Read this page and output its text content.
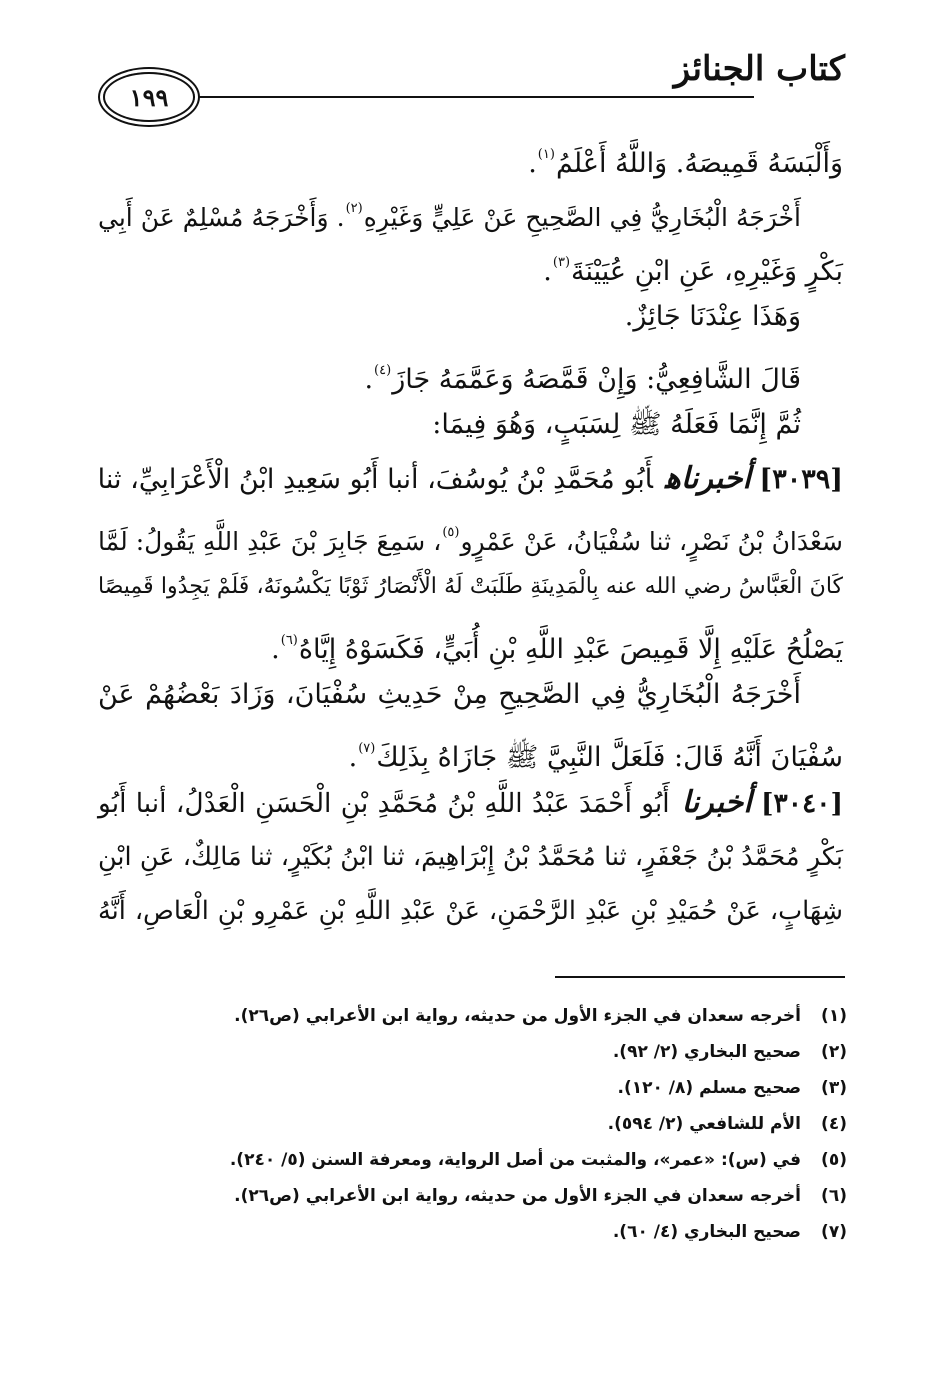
كتاب الجنائز
١٩٩
وَأَلْبَسَهُ قَمِيصَهُ. وَاللَّهُ أَعْلَمُ$^{(١)}$.
أَخْرَجَهُ الْبُخَارِيُّ فِي الصَّحِيحِ عَنْ عَلِيٍّ وَغَيْرِهِ$^{(٢)}$. وَأَخْرَجَهُ مُسْلِمٌ عَنْ أَبِي
بَكْرٍ وَغَيْرِهِ، عَنِ ابْنِ عُيَيْنَةَ$^{(٣)}$.
وَهَذَا عِنْدَنَا جَائِزٌ.
قَالَ الشَّافِعِيُّ: وَإِنْ قَمَّصَهُ وَعَمَّمَهُ جَازَ$^{(٤)}$.
ثُمَّ إِنَّمَا فَعَلَهُ ﷺ لِسَبَبٍ، وَهُوَ فِيمَا:
[٣٠٣٩] أخبرناهأَبُو مُحَمَّدِ بْنُ يُوسُفَ، أنبا أَبُو سَعِيدِ ابْنُ الْأَعْرَابِيِّ، ثنا
سَعْدَانُ بْنُ نَصْرٍ، ثنا سُفْيَانُ، عَنْ عَمْرٍو$^{(٥)}$، سَمِعَ جَابِرَ بْنَ عَبْدِ اللَّهِ يَقُولُ: لَمَّا
كَانَ الْعَبَّاسُ رضي الله عنه بِالْمَدِينَةِ طَلَبَتْ لَهُ الْأَنْصَارُ ثَوْبًا يَكْسُونَهُ، فَلَمْ يَجِدُوا قَمِيصًا
يَصْلُحُ عَلَيْهِ إِلَّا قَمِيصَ عَبْدِ اللَّهِ بْنِ أُبَيٍّ، فَكَسَوْهُ إِيَّاهُ$^{(٦)}$.
أَخْرَجَهُ الْبُخَارِيُّ فِي الصَّحِيحِ مِنْ حَدِيثِ سُفْيَانَ، وَزَادَ بَعْضُهُمْ عَنْ
سُفْيَانَ أَنَّهُ قَالَ: فَلَعَلَّ النَّبِيَّ ﷺ جَازَاهُ بِذَلِكَ$^{(٧)}$.
[٣٠٤٠] أخبرناأَبُو أَحْمَدَ عَبْدُ اللَّهِ بْنُ مُحَمَّدِ بْنِ الْحَسَنِ الْعَدْلُ، أنبا أَبُو
بَكْرٍ مُحَمَّدُ بْنُ جَعْفَرٍ، ثنا مُحَمَّدُ بْنُ إِبْرَاهِيمَ، ثنا ابْنُ بُكَيْرٍ، ثنا مَالِكٌ، عَنِ ابْنِ
شِهَابٍ، عَنْ حُمَيْدِ بْنِ عَبْدِ الرَّحْمَنِ، عَنْ عَبْدِ اللَّهِ بْنِ عَمْرِو بْنِ الْعَاصِ، أَنَّهُ
(١)
أخرجه سعدان في الجزء الأول من حديثه، رواية ابن الأعرابي (ص٢٦).
(٢)
صحيح البخاري (٢/ ٩٢).
(٣)
صحيح مسلم (٨/ ١٢٠).
(٤)
الأم للشافعي (٢/ ٥٩٤).
(٥)
في (س): «عمر»، والمثبت من أصل الرواية، ومعرفة السنن (٥/ ٢٤٠).
(٦)
أخرجه سعدان في الجزء الأول من حديثه، رواية ابن الأعرابي (ص٢٦).
(٧)
صحيح البخاري (٤/ ٦٠).
